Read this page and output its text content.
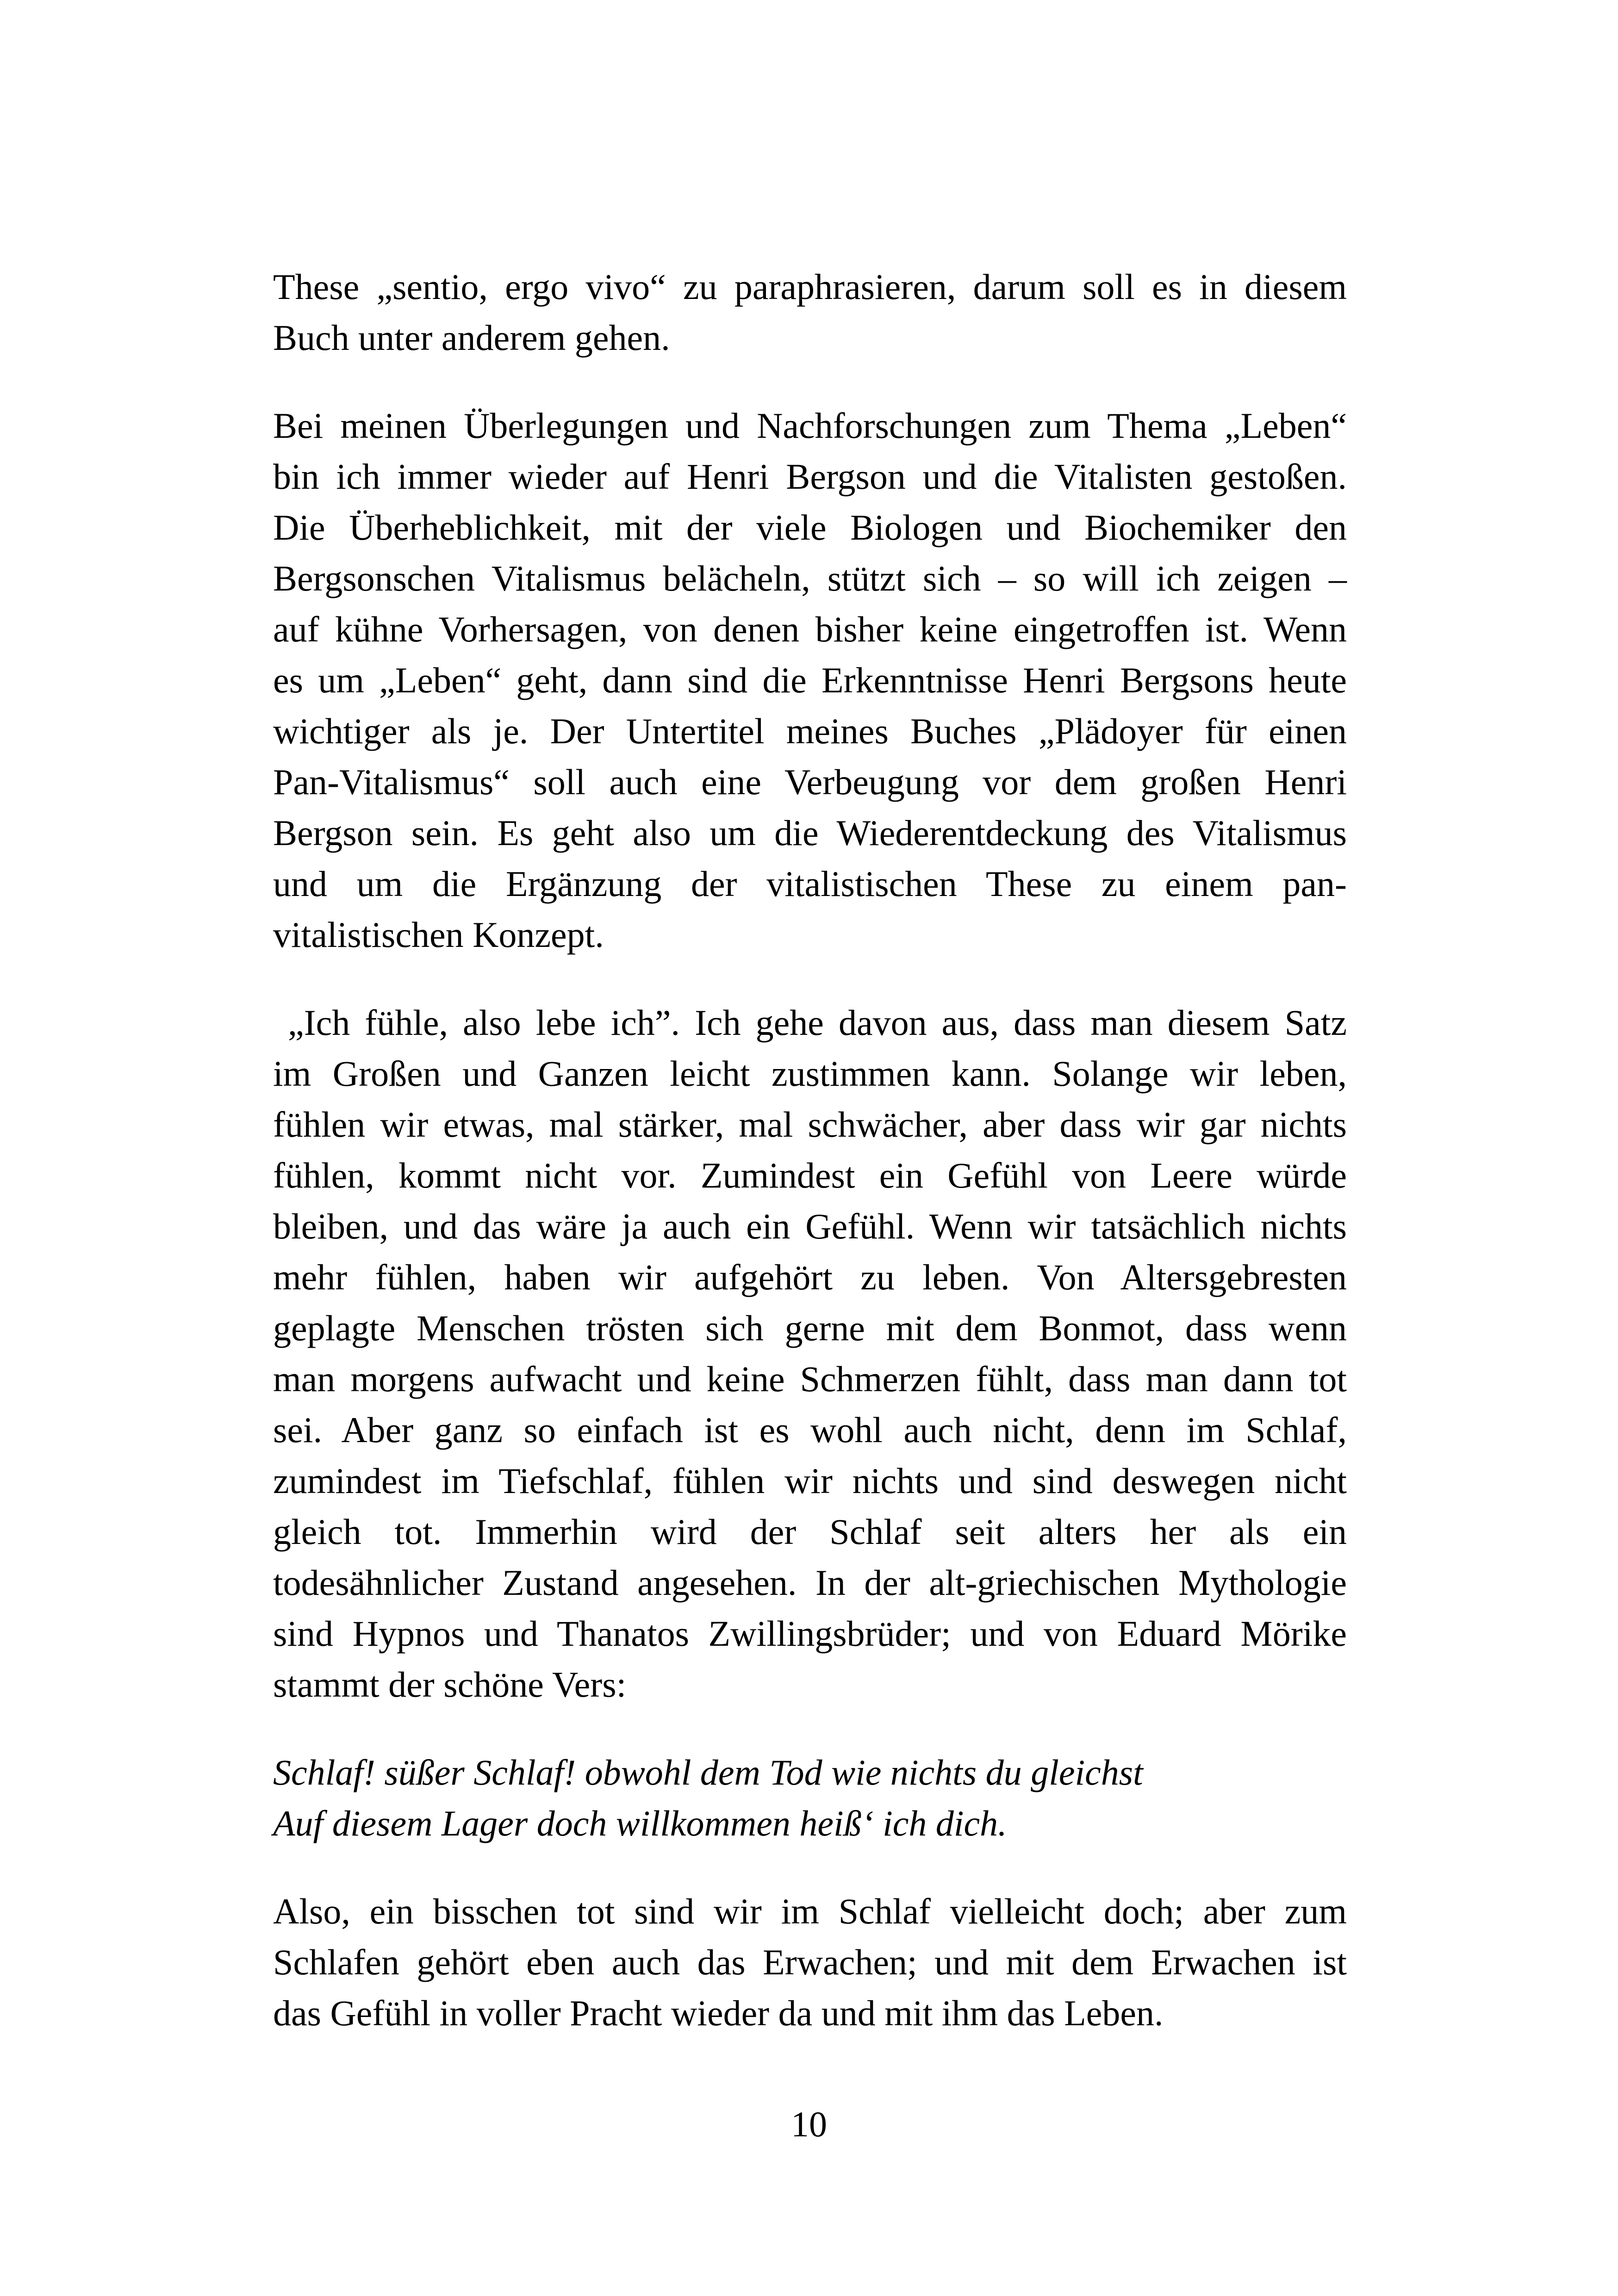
These „sentio, ergo vivo“ zu paraphrasieren, darum soll es in diesem
Buch unter anderem gehen.
Bei meinen Überlegungen und Nachforschungen zum Thema „Leben“
bin ich immer wieder auf Henri Bergson und die Vitalisten gestoßen.
Die Überheblichkeit, mit der viele Biologen und Biochemiker den
Bergsonschen Vitalismus belächeln, stützt sich – so will ich zeigen –
auf kühne Vorhersagen, von denen bisher keine eingetroffen ist. Wenn
es um „Leben“ geht, dann sind die Erkenntnisse Henri Bergsons heute
wichtiger als je. Der Untertitel meines Buches „Plädoyer für einen
Pan-Vitalismus“ soll auch eine Verbeugung vor dem großen Henri
Bergson sein. Es geht also um die Wiederentdeckung des Vitalismus
und um die Ergänzung der vitalistischen These zu einem pan-
vitalistischen Konzept.
„Ich fühle, also lebe ich”. Ich gehe davon aus, dass man diesem Satz
im Großen und Ganzen leicht zustimmen kann. Solange wir leben,
fühlen wir etwas, mal stärker, mal schwächer, aber dass wir gar nichts
fühlen, kommt nicht vor. Zumindest ein Gefühl von Leere würde
bleiben, und das wäre ja auch ein Gefühl. Wenn wir tatsächlich nichts
mehr fühlen, haben wir aufgehört zu leben. Von Altersgebresten
geplagte Menschen trösten sich gerne mit dem Bonmot, dass wenn
man morgens aufwacht und keine Schmerzen fühlt, dass man dann tot
sei. Aber ganz so einfach ist es wohl auch nicht, denn im Schlaf,
zumindest im Tiefschlaf, fühlen wir nichts und sind deswegen nicht
gleich tot. Immerhin wird der Schlaf seit alters her als ein
todesähnlicher Zustand angesehen. In der alt-griechischen Mythologie
sind Hypnos und Thanatos Zwillingsbrüder; und von Eduard Mörike
stammt der schöne Vers:
Schlaf! süßer Schlaf! obwohl dem Tod wie nichts du gleichst
Auf diesem Lager doch willkommen heiß‘ ich dich.
Also, ein bisschen tot sind wir im Schlaf vielleicht doch; aber zum
Schlafen gehört eben auch das Erwachen; und mit dem Erwachen ist
das Gefühl in voller Pracht wieder da und mit ihm das Leben.
10
